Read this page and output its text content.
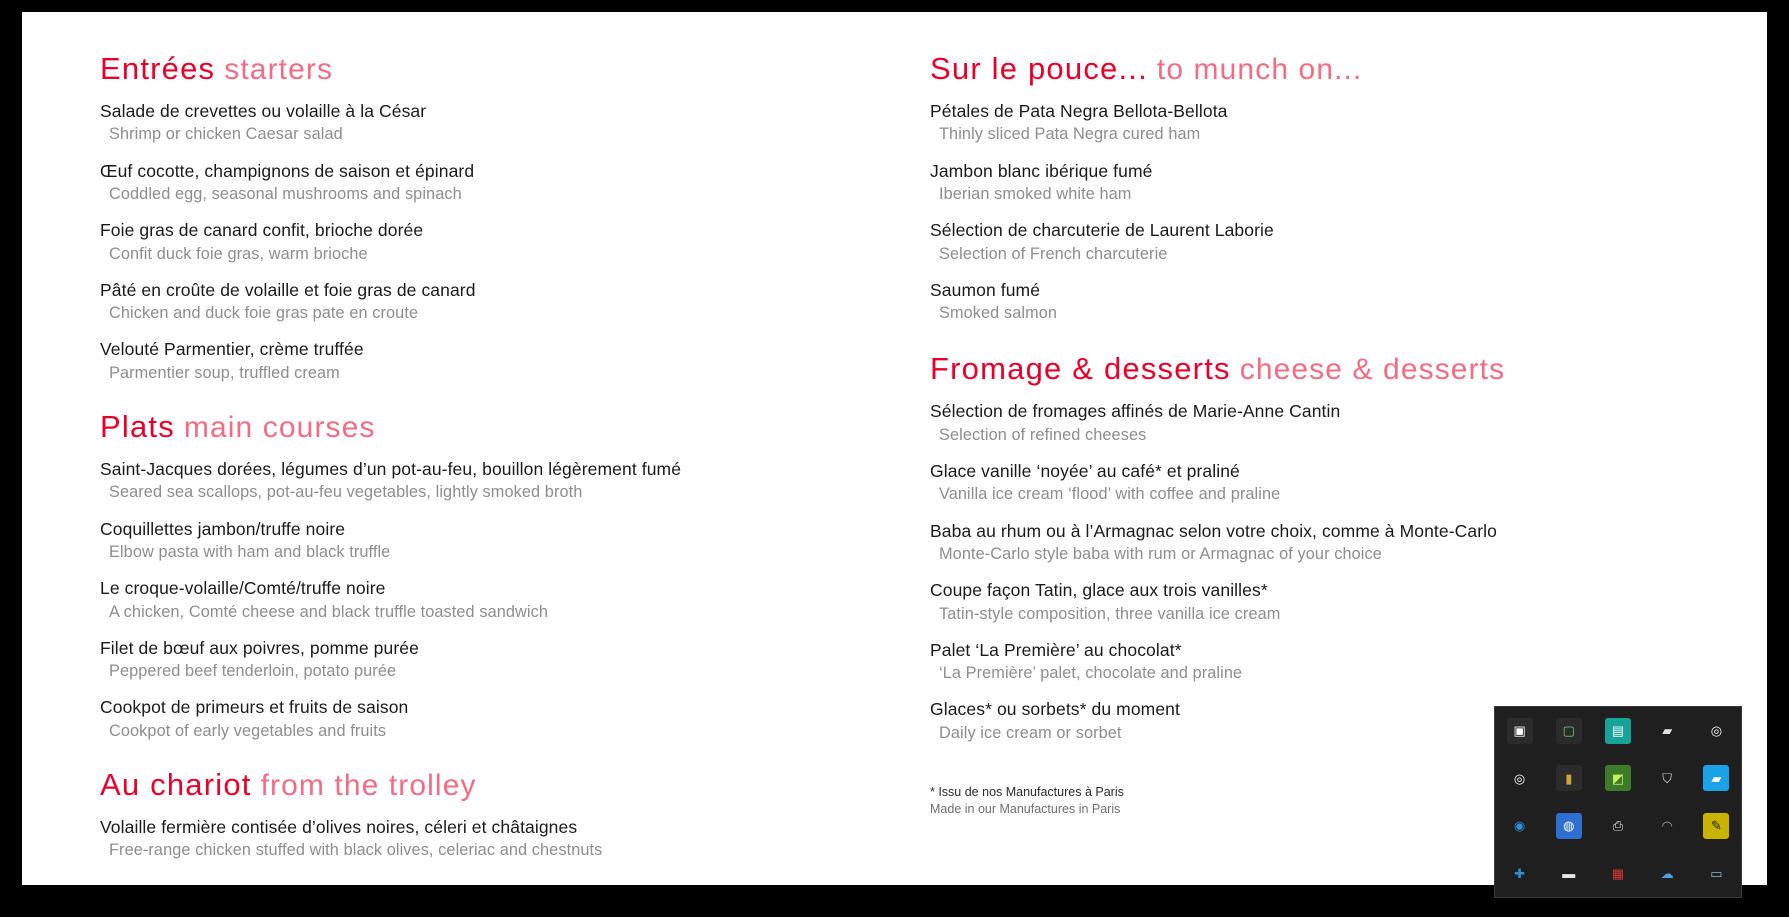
Entrées starters
Salade de crevettes ou volaille à la César
Shrimp or chicken Caesar salad
Œuf cocotte, champignons de saison et épinard
Coddled egg, seasonal mushrooms and spinach
Foie gras de canard confit, brioche dorée
Confit duck foie gras, warm brioche
Pâté en croûte de volaille et foie gras de canard
Chicken and duck foie gras pate en croute
Velouté Parmentier, crème truffée
Parmentier soup, truffled cream
Plats main courses
Saint-Jacques dorées, légumes d’un pot-au-feu, bouillon légèrement fumé
Seared sea scallops, pot-au-feu vegetables, lightly smoked broth
Coquillettes jambon/truffe noire
Elbow pasta with ham and black truffle
Le croque-volaille/Comté/truffe noire
A chicken, Comté cheese and black truffle toasted sandwich
Filet de bœuf aux poivres, pomme purée
Peppered beef tenderloin, potato purée
Cookpot de primeurs et fruits de saison
Cookpot of early vegetables and fruits
Au chariot from the trolley
Volaille fermière contisée d’olives noires, céleri et châtaignes
Free-range chicken stuffed with black olives, celeriac and chestnuts
Sur le pouce... to munch on...
Pétales de Pata Negra Bellota-Bellota
Thinly sliced Pata Negra cured ham
Jambon blanc ibérique fumé
Iberian smoked white ham
Sélection de charcuterie de Laurent Laborie
Selection of French charcuterie
Saumon fumé
Smoked salmon
Fromage & desserts cheese & desserts
Sélection de fromages affinés de Marie-Anne Cantin
Selection of refined cheeses
Glace vanille ‘noyée’ au café* et praliné
Vanilla ice cream ‘flood’ with coffee and praline
Baba au rhum ou à l’Armagnac selon votre choix, comme à Monte-Carlo
Monte-Carlo style baba with rum or Armagnac of your choice
Coupe façon Tatin, glace aux trois vanilles*
Tatin-style composition, three vanilla ice cream
Palet ‘La Première’ au chocolat*
‘La Première’ palet, chocolate and praline
Glaces* ou sorbets* du moment
Daily ice cream or sorbet
* Issu de nos Manufactures à Paris
Made in our Manufactures in Paris
▣	▢	▤	▰	◎
◎	▮	◩	⛉	▰
◉	◍	⎙	◠	✎
✚	▬	▦	☁	▭
